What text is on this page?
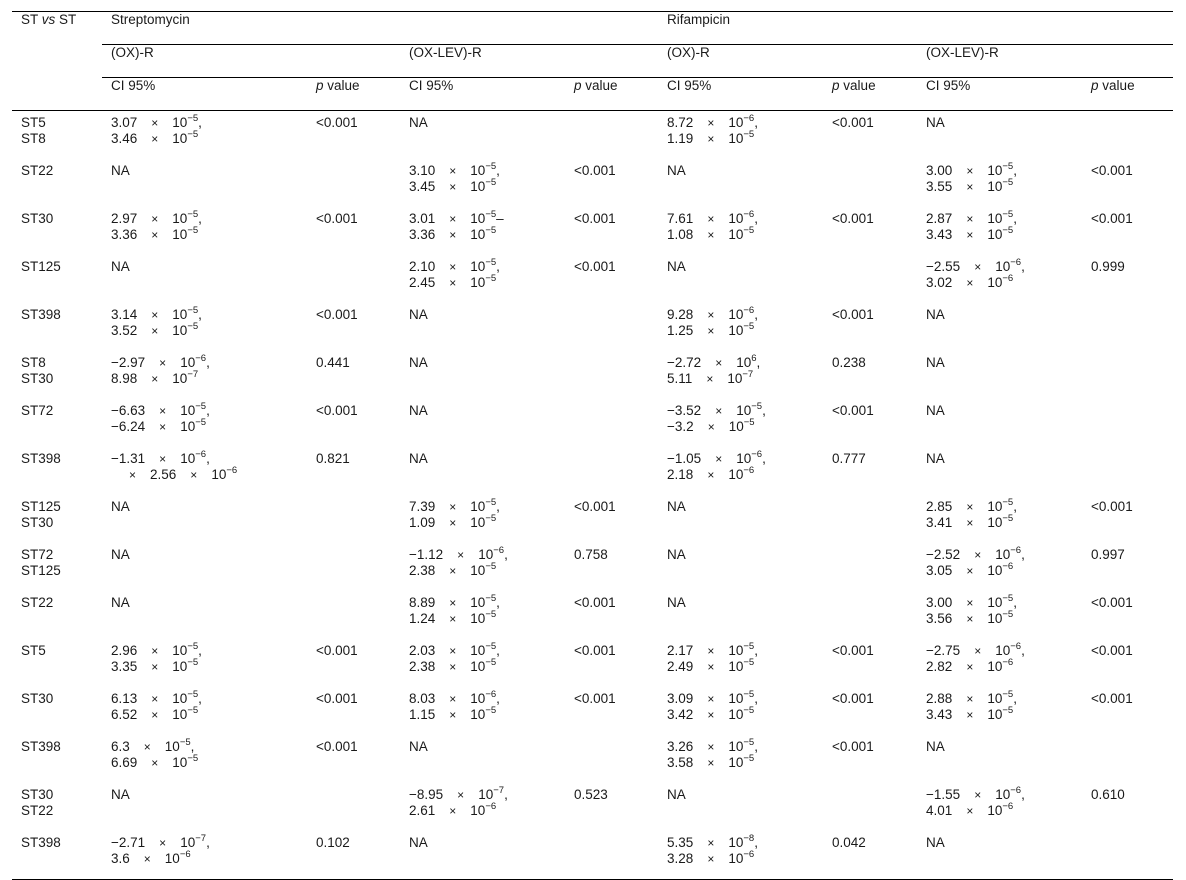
ST vs ST	Streptomycin				Rifampicin			
	(OX)-R		(OX-LEV)-R		(OX)-R		(OX-LEV)-R	
	CI 95%	p value	CI 95%	p value	CI 95%	p value	CI 95%	p value

ST5
ST8	$3.07 \times 10^{-5}$,
$3.46 \times 10^{-5}$	<0.001	NA		$8.72 \times 10^{-6}$,
$1.19 \times 10^{-5}$	<0.001	NA	

ST22	NA		$3.10 \times 10^{-5}$,
$3.45 \times 10^{-5}$	<0.001	NA		$3.00 \times 10^{-5}$,
$3.55 \times 10^{-5}$	<0.001

ST30	$2.97 \times 10^{-5}$,
$3.36 \times 10^{-5}$	<0.001	$3.01 \times 10^{-5}-$
$3.36 \times 10^{-5}$	<0.001	$7.61 \times 10^{-6}$,
$1.08 \times 10^{-5}$	<0.001	$2.87 \times 10^{-5}$,
$3.43 \times 10^{-5}$	<0.001

ST125	NA		$2.10 \times 10^{-5}$,
$2.45 \times 10^{-5}$	<0.001	NA		$-2.55 \times 10^{-6}$,
$3.02 \times 10^{-6}$	0.999

ST398	$3.14 \times 10^{-5}$,
$3.52 \times 10^{-5}$	<0.001	NA		$9.28 \times 10^{-6}$,
$1.25 \times 10^{-5}$	<0.001	NA	

ST8
ST30	$-2.97 \times 10^{-6}$,
$8.98 \times 10^{-7}$	0.441	NA		$-2.72 \times 10^6$,
$5.11 \times 10^{-7}$	0.238	NA	

ST72	$-6.63 \times 10^{-5}$,
$-6.24 \times 10^{-5}$	<0.001	NA		$-3.52 \times 10^{-5}$,
$-3.2 \times 10^{-5}$	<0.001	NA	

ST398	$-1.31 \times 10^{-6}$,
× $2.56 \times 10^{-6}$	0.821	NA		$-1.05 \times 10^{-6}$,
$2.18 \times 10^{-6}$	0.777	NA	

ST125
ST30	NA		$7.39 \times 10^{-5}$,
$1.09 \times 10^{-5}$	<0.001	NA		$2.85 \times 10^{-5}$,
$3.41 \times 10^{-5}$	<0.001

ST72
ST125	NA		$-1.12 \times 10^{-6}$,
$2.38 \times 10^{-5}$	0.758	NA		$-2.52 \times 10^{-6}$,
$3.05 \times 10^{-6}$	0.997

ST22	NA		$8.89 \times 10^{-5}$,
$1.24 \times 10^{-5}$	<0.001	NA		$3.00 \times 10^{-5}$,
$3.56 \times 10^{-5}$	<0.001

ST5	$2.96 \times 10^{-5}$,
$3.35 \times 10^{-5}$	<0.001	$2.03 \times 10^{-5}$,
$2.38 \times 10^{-5}$	<0.001	$2.17 \times 10^{-5}$,
$2.49 \times 10^{-5}$	<0.001	$-2.75 \times 10^{-6}$,
$2.82 \times 10^{-6}$	<0.001

ST30	$6.13 \times 10^{-5}$,
$6.52 \times 10^{-5}$	<0.001	$8.03 \times 10^{-6}$,
$1.15 \times 10^{-5}$	<0.001	$3.09 \times 10^{-5}$,
$3.42 \times 10^{-5}$	<0.001	$2.88 \times 10^{-5}$,
$3.43 \times 10^{-5}$	<0.001

ST398	$6.3 \times 10^{-5}$,
$6.69 \times 10^{-5}$	<0.001	NA		$3.26 \times 10^{-5}$,
$3.58 \times 10^{-5}$	<0.001	NA	

ST30
ST22	NA		$-8.95 \times 10^{-7}$,
$2.61 \times 10^{-6}$	0.523	NA		$-1.55 \times 10^{-6}$,
$4.01 \times 10^{-6}$	0.610

ST398	$-2.71 \times 10^{-7}$,
$3.6 \times 10^{-6}$	0.102	NA		$5.35 \times 10^{-8}$,
$3.28 \times 10^{-6}$	0.042	NA	
